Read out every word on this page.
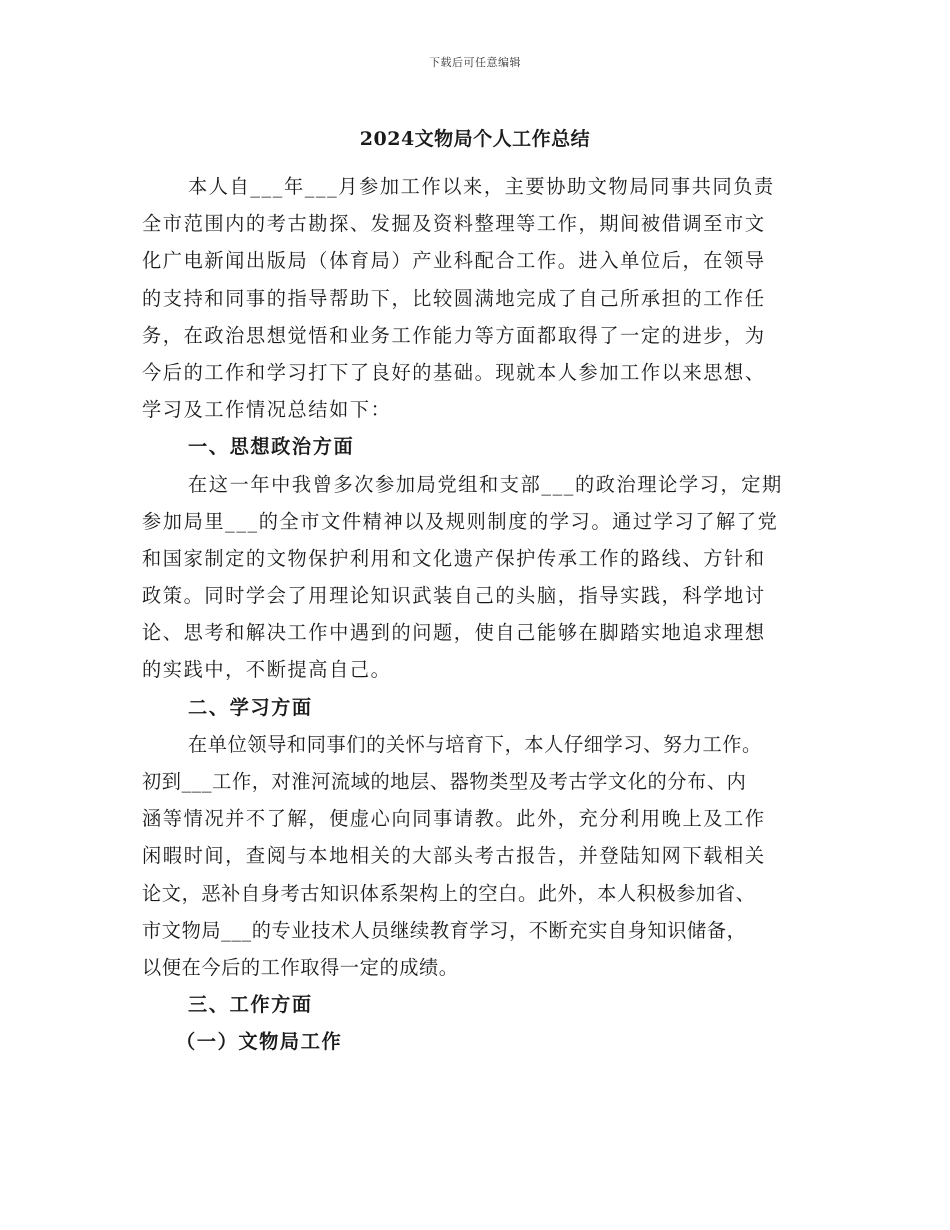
下载后可任意编辑
2024文物局个人工作总结
本人自___年___月参加工作以来，主要协助文物局同事共同负责
全市范围内的考古勘探、发掘及资料整理等工作，期间被借调至市文
化广电新闻出版局（体育局）产业科配合工作。进入单位后，在领导
的支持和同事的指导帮助下，比较圆满地完成了自己所承担的工作任
务，在政治思想觉悟和业务工作能力等方面都取得了一定的进步，为
今后的工作和学习打下了良好的基础。现就本人参加工作以来思想、
学习及工作情况总结如下：
一、思想政治方面
在这一年中我曾多次参加局党组和支部___的政治理论学习，定期
参加局里___的全市文件精神以及规则制度的学习。通过学习了解了党
和国家制定的文物保护利用和文化遗产保护传承工作的路线、方针和
政策。同时学会了用理论知识武装自己的头脑，指导实践，科学地讨
论、思考和解决工作中遇到的问题，使自己能够在脚踏实地追求理想
的实践中，不断提高自己。
二、学习方面
在单位领导和同事们的关怀与培育下，本人仔细学习、努力工作。
初到___工作，对淮河流域的地层、器物类型及考古学文化的分布、内
涵等情况并不了解，便虚心向同事请教。此外，充分利用晚上及工作
闲暇时间，查阅与本地相关的大部头考古报告，并登陆知网下载相关
论文，恶补自身考古知识体系架构上的空白。此外，本人积极参加省、
市文物局___的专业技术人员继续教育学习，不断充实自身知识储备，
以便在今后的工作取得一定的成绩。
三、工作方面
（一）文物局工作
